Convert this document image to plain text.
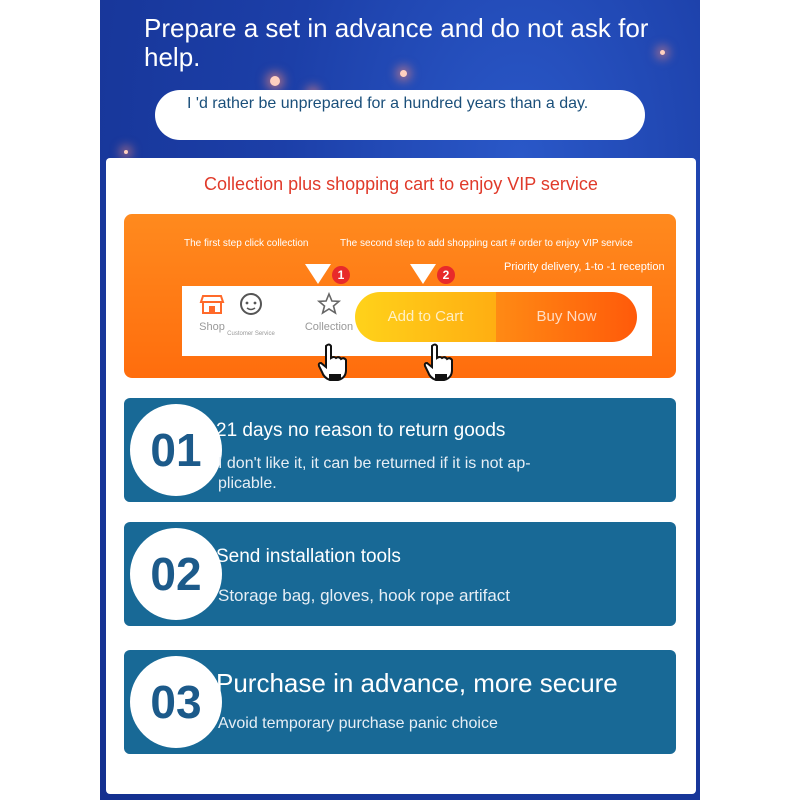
Prepare a set in advance and do not ask for help.
I 'd rather be unprepared for a hundred years than a day.
Collection plus shopping cart to enjoy VIP service
The first step click collection	The second step to add shopping cart # order to enjoy VIP service
Priority delivery, 1-to -1 reception
1	2
Shop
Customer Service
Collection
Add to Cart	Buy Now
01 21 days no reason to return goods
I don't like it, it can be returned if it is not ap-
plicable.
02 Send installation tools
Storage bag, gloves, hook rope artifact
03 Purchase in advance, more secure
Avoid temporary purchase panic choice
